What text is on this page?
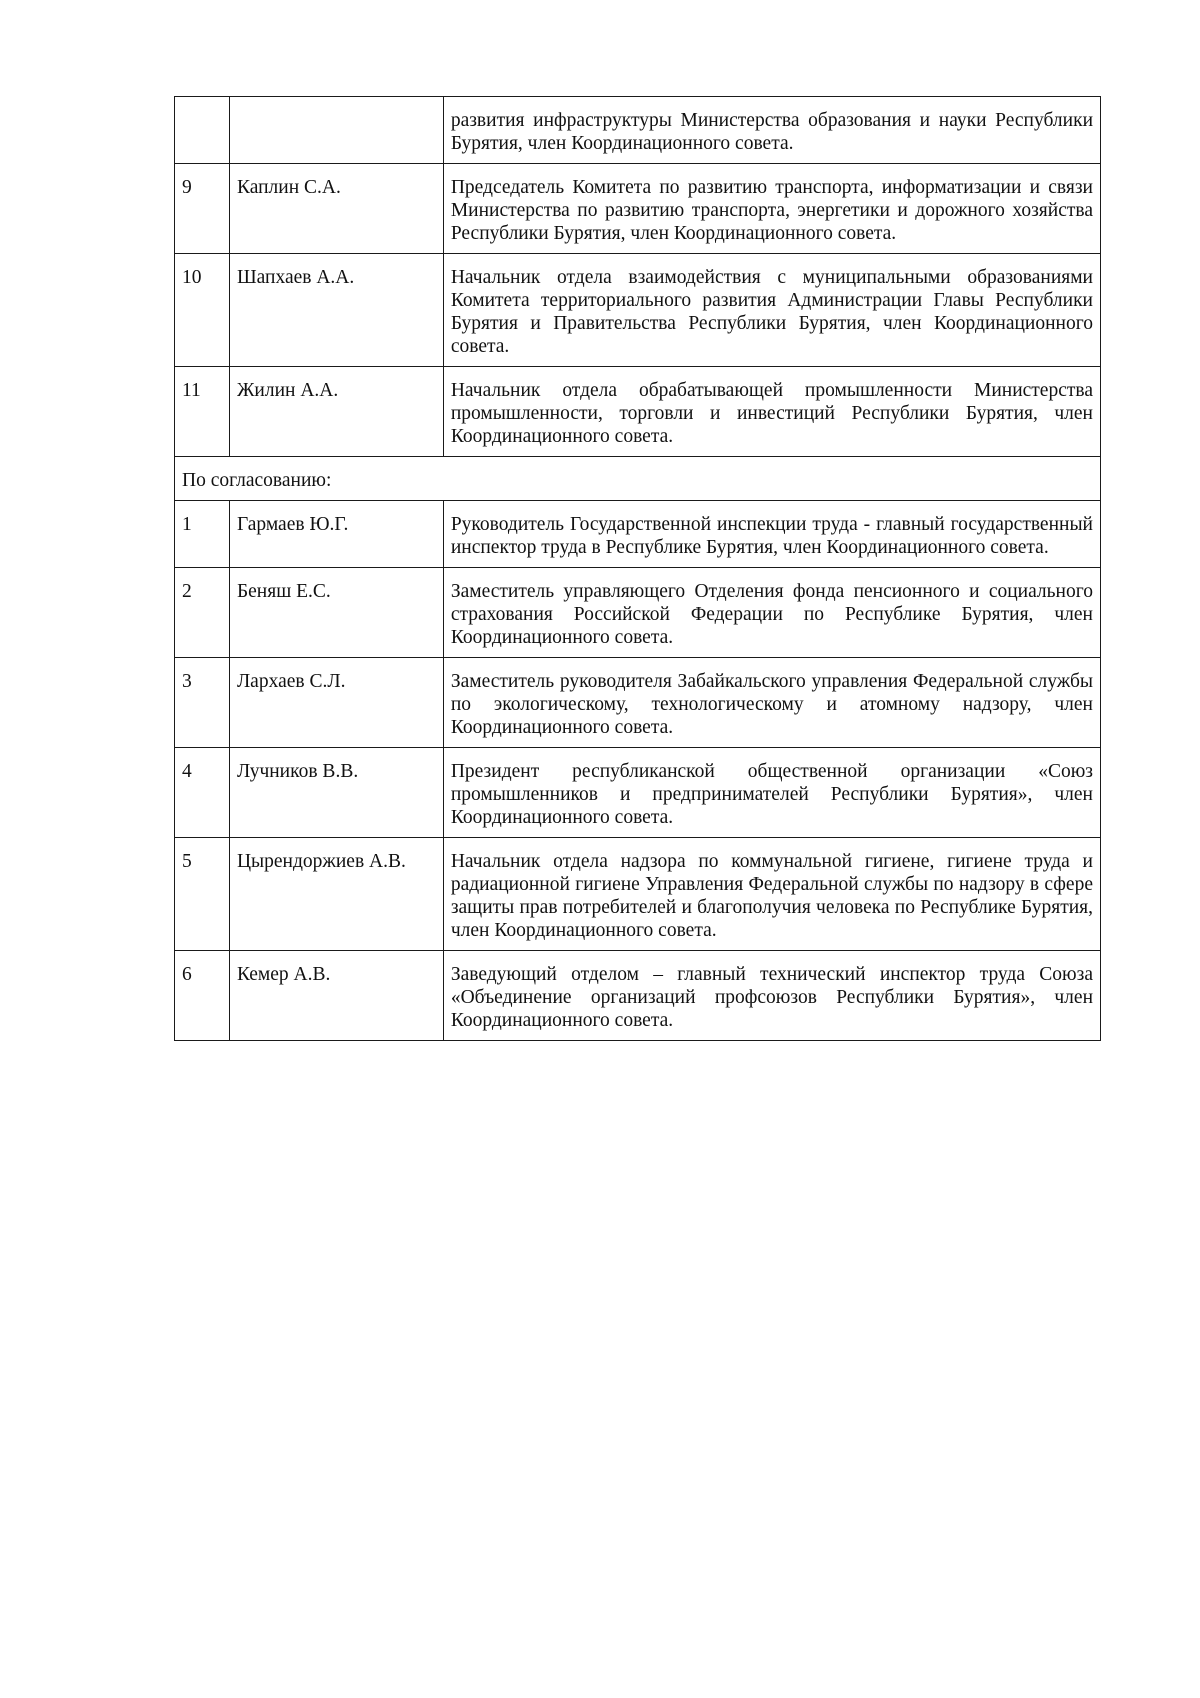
		развития инфраструктуры Министерства образования и науки Республики Бурятия, член Координационного совета.
9	Каплин С.А.	Председатель Комитета по развитию транспорта, информатизации и связи Министерства по развитию транспорта, энергетики и дорожного хозяйства Республики Бурятия, член Координационного совета.
10	Шапхаев А.А.	Начальник отдела взаимодействия с муниципальными образованиями Комитета территориального развития Администрации Главы Республики Бурятия и Правительства Республики Бурятия, член Координационного совета.
11	Жилин А.А.	Начальник отдела обрабатывающей промышленности Министерства промышленности, торговли и инвестиций Республики Бурятия, член Координационного совета.
По согласованию:		
1	Гармаев Ю.Г.	Руководитель Государственной инспекции труда - главный государственный инспектор труда в Республике Бурятия, член Координационного совета.
2	Беняш Е.С.	Заместитель управляющего Отделения фонда пенсионного и социального страхования Российской Федерации по Республике Бурятия, член Координационного совета.
3	Лархаев С.Л.	Заместитель руководителя Забайкальского управления Федеральной службы по экологическому, технологическому и атомному надзору, член Координационного совета.
4	Лучников В.В.	Президент республиканской общественной организации «Союз промышленников и предпринимателей Республики Бурятия», член Координационного совета.
5	Цырендоржиев А.В.	Начальник отдела надзора по коммунальной гигиене, гигиене труда и радиационной гигиене Управления Федеральной службы по надзору в сфере защиты прав потребителей и благополучия человека по Республике Бурятия, член Координационного совета.
6	Кемер А.В.	Заведующий отделом – главный технический инспектор труда Союза «Объединение организаций профсоюзов Республики Бурятия», член Координационного совета.
